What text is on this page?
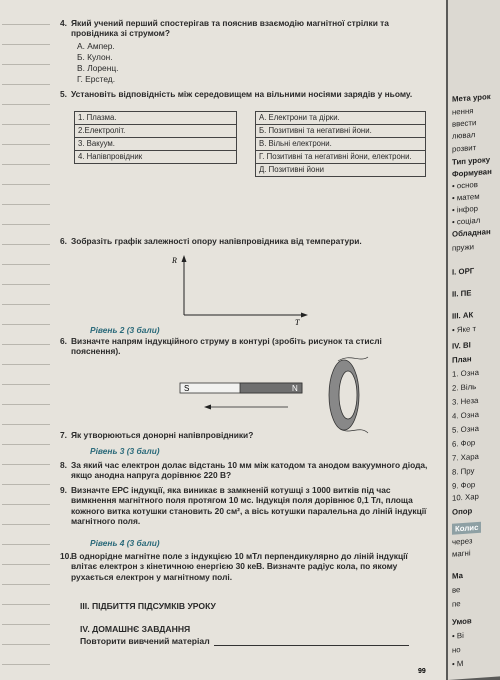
4. Який учений перший спостерігав та пояснив взаємодію магнітної стрілки та провідника зі струмом?
А. Ампер.
Б. Кулон.
В. Лоренц.
Г. Ерстед.
5. Установіть відповідність між середовищем на вільними носіями зарядів у ньому.
1. Плазма.		А. Електрони та дірки.
2.Електроліт.		Б. Позитивні та негативні йони.
3. Вакуум.		В. Вільні електрони.
4. Напівпровідник		Г. Позитивні та негативні йони, електрони.
		Д. Позитивні йони
6. Зобразіть графік залежності опору напівпровідника від температури.
R
T
Рівень 2 (3 бали)
6. Визначте напрям індукційного струму в контурі (зробіть рисунок та стислі пояснення).
S	N
7. Як утворюються донорні напівпровідники?
Рівень 3 (3 бали)
8. За який час електрон долає відстань 10 мм між катодом та анодом вакуумного діода, якщо анодна напруга дорівнює 220 В?
9. Визначте ЕРС індукції, яка виникає в замкненій котушці з 1000 витків під час вимкнення магнітного поля протягом 10 мс. Індукція поля дорівнює 0,1 Тл, площа кожного витка котушки становить 20 см², а вісь котушки паралельна до ліній індукції магнітного поля.
Рівень 4 (3 бали)
10. В однорідне магнітне поле з індукцією 10 мТл перпендикулярно до ліній індукції влітає електрон з кінетичною енергією 30 кеВ. Визначте радіус кола, по якому рухається електрон у магнітному полі.
III. ПІДБИТТЯ ПІДСУМКІВ УРОКУ
IV. ДОМАШНЄ ЗАВДАННЯ
Повторити вивчений матеріал
99
Мета урок
нення
ввести
лювал
розвит
Тип уроку
Формуван
• основ
• матем
• інфор
• соціал
Обладнан
пружи
I. ОРГ
II. ПЕ
III. АК
• Яке т
IV. ВІ
План
1. Озна
2. Віль
3. Неза
4. Озна
5. Озна
6. Фор
7. Хара
8. Пру
9. Фор
10. Хар
Опор
Колис
через
магні
Ма
ве
пе
Умов
• Ві
но
• М
